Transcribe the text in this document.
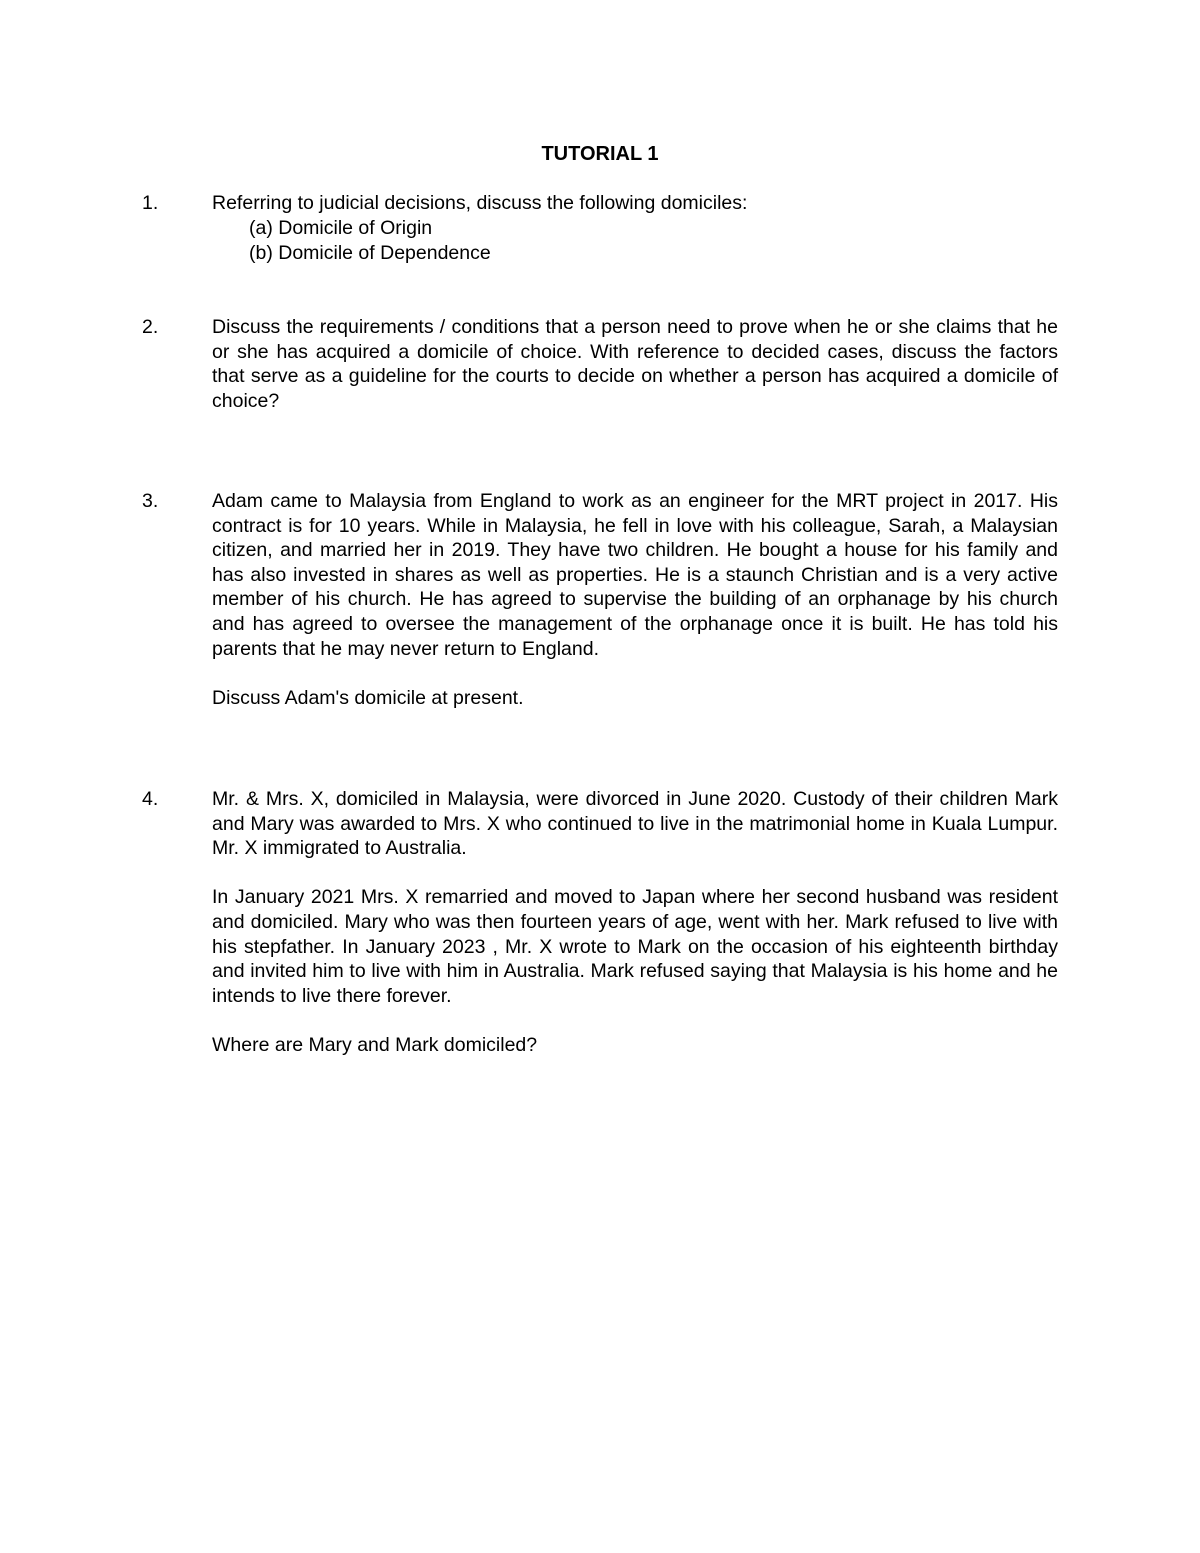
TUTORIAL 1
1.	Referring to judicial decisions, discuss the following domiciles:

(a) Domicile of Origin

(b) Domicile of Dependence

2.	Discuss the requirements / conditions that a person need to prove when he or she claims that he or she has acquired a domicile of choice. With reference to decided cases, discuss the factors that serve as a guideline for the courts to decide on whether a person has acquired a domicile of choice?

3.	Adam came to Malaysia from England to work as an engineer for the MRT project in 2017. His contract is for 10 years. While in Malaysia, he fell in love with his colleague, Sarah, a Malaysian citizen, and married her in 2019. They have two children. He bought a house for his family and has also invested in shares as well as properties. He is a staunch Christian and is a very active member of his church. He has agreed to supervise the building of an orphanage by his church and has agreed to oversee the management of the orphanage once it is built. He has told his parents that he may never return to England.

Discuss Adam's domicile at present.

4.	Mr. & Mrs. X, domiciled in Malaysia, were divorced in June 2020. Custody of their children Mark and Mary was awarded to Mrs. X who continued to live in the matrimonial home in Kuala Lumpur. Mr. X immigrated to Australia.

In January 2021 Mrs. X remarried and moved to Japan where her second husband was resident and domiciled. Mary who was then fourteen years of age, went with her. Mark refused to live with his stepfather. In January 2023 , Mr. X wrote to Mark on the occasion of his eighteenth birthday and invited him to live with him in Australia. Mark refused saying that Malaysia is his home and he intends to live there forever.

Where are Mary and Mark domiciled?
